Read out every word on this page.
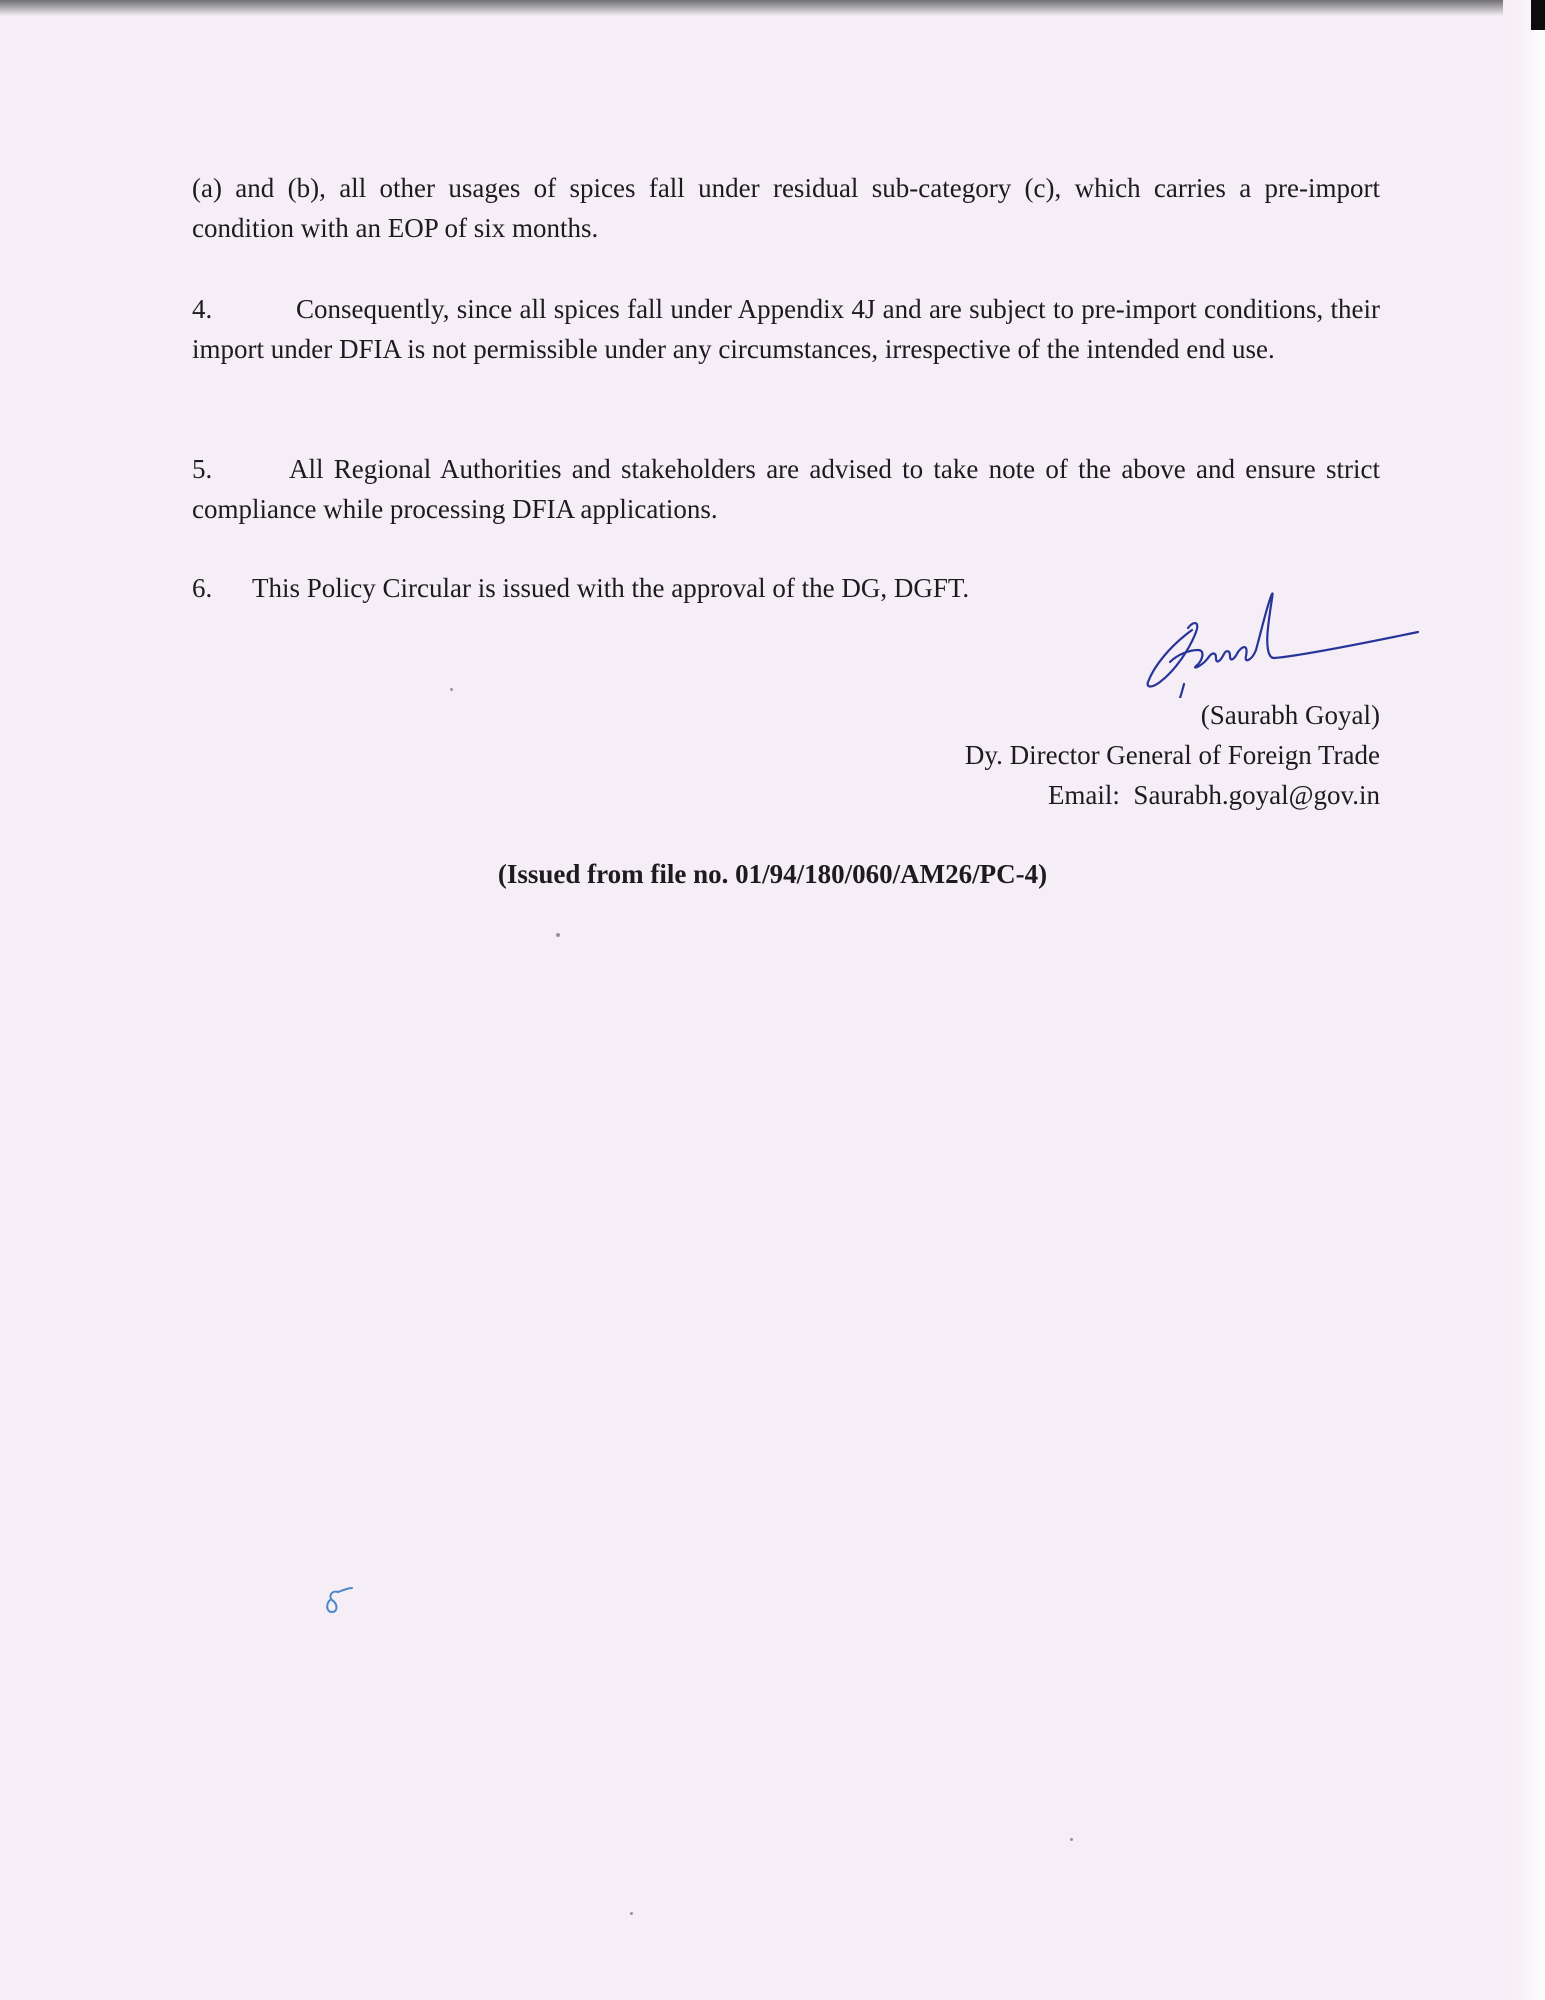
(a) and (b), all other usages of spices fall under residual sub-category (c), which carries a pre-import condition with an EOP of six months.
4.	Consequently, since all spices fall under Appendix 4J and are subject to pre-import conditions, their import under DFIA is not permissible under any circumstances, irrespective of the intended end use.
5.	All Regional Authorities and stakeholders are advised to take note of the above and ensure strict compliance while processing DFIA applications.
6. This Policy Circular is issued with the approval of the DG, DGFT.
(Saurabh Goyal)
Dy. Director General of Foreign Trade
Email: Saurabh.goyal@gov.in
(Issued from file no. 01/94/180/060/AM26/PC-4)
